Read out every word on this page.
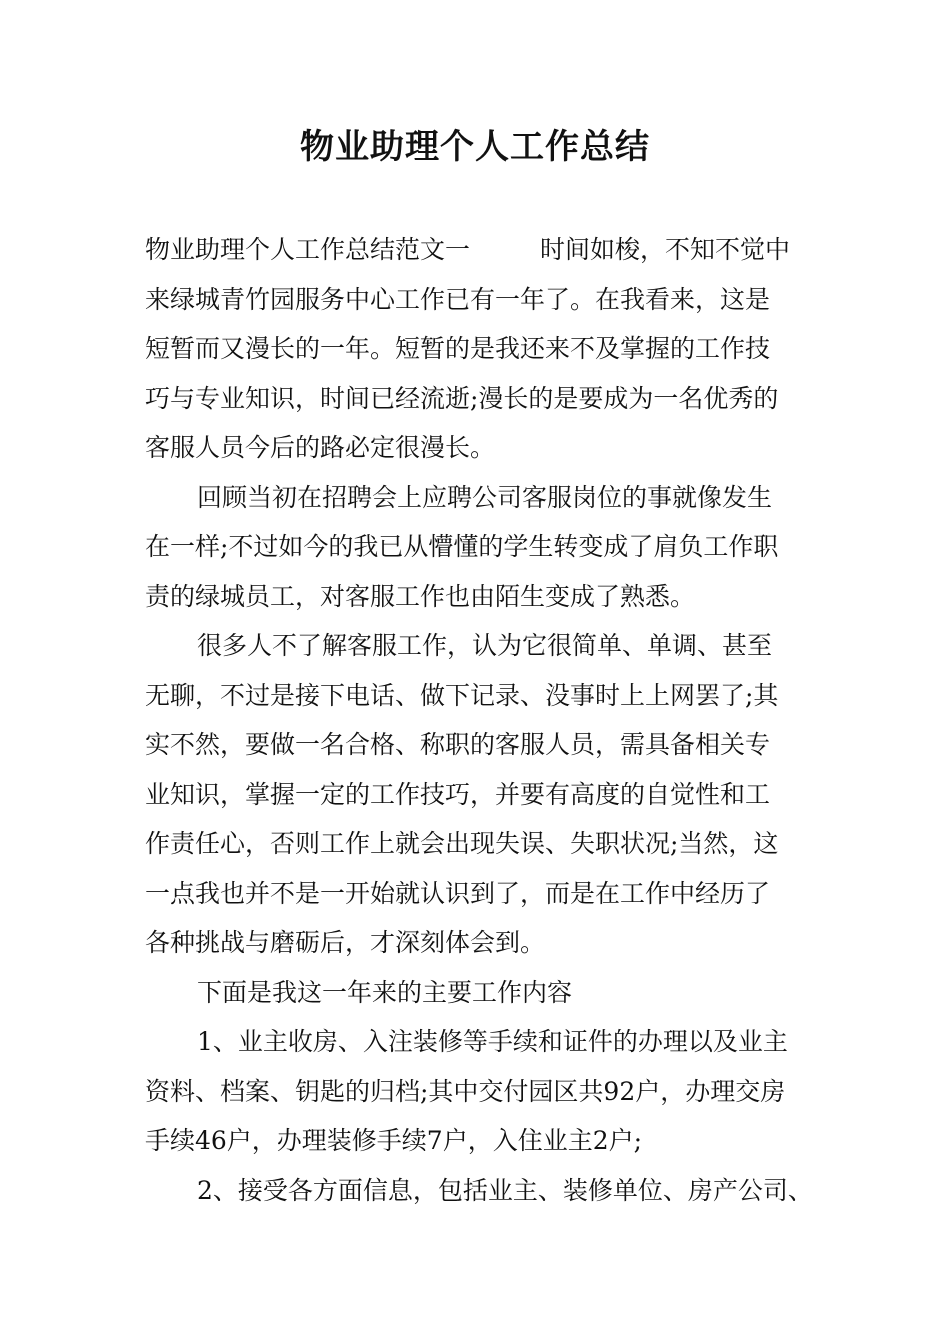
物业助理个人工作总结
物业助理个人工作总结范文一	时间如梭，不知不觉中
来绿城青竹园服务中心工作已有一年了。在我看来，这是
短暂而又漫长的一年。短暂的是我还来不及掌握的工作技
巧与专业知识，时间已经流逝;漫长的是要成为一名优秀的
客服人员今后的路必定很漫长。
回顾当初在招聘会上应聘公司客服岗位的事就像发生
在一样;不过如今的我已从懵懂的学生转变成了肩负工作职
责的绿城员工，对客服工作也由陌生变成了熟悉。
很多人不了解客服工作，认为它很简单、单调、甚至
无聊，不过是接下电话、做下记录、没事时上上网罢了;其
实不然，要做一名合格、称职的客服人员，需具备相关专
业知识，掌握一定的工作技巧，并要有高度的自觉性和工
作责任心，否则工作上就会出现失误、失职状况;当然，这
一点我也并不是一开始就认识到了，而是在工作中经历了
各种挑战与磨砺后，才深刻体会到。
下面是我这一年来的主要工作内容
1、业主收房、入注装修等手续和证件的办理以及业主
资料、档案、钥匙的归档;其中交付园区共92户，办理交房
手续46户，办理装修手续7户，入住业主2户;
2、接受各方面信息，包括业主、装修单位、房产公司、
